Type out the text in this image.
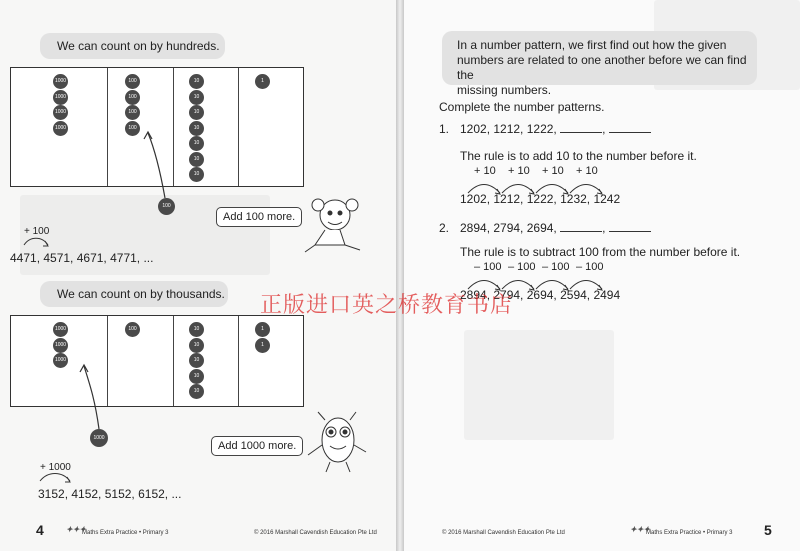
We can count on by hundreds.
1000
1000
1000
1000
100
100
100
100
10
10
10
10
10
10
10
1
100
Add 100 more.
+ 100
4471, 4571, 4671, 4771, ...
We can count on by thousands.
1000
1000
1000
100	10
10
10
10
10
1
1
1000
Add 1000 more.
+ 1000
3152, 4152, 5152, 6152, ...
4	✦✦✦
Maths Extra Practice • Primary 3	© 2016 Marshall Cavendish Education Pte Ltd
In a number pattern, we first find out how the given
numbers are related to one another before we can find the
missing numbers.
Complete the number patterns.
1. 1202, 1212, 1222,	,
The rule is to add 10 to the number before it.
+ 10 + 10 + 10 + 10
1202, 1212, 1222, 1232, 1242
2. 2894, 2794, 2694,	,
The rule is to subtract 100 from the number before it.
– 100 – 100 – 100 – 100
2894, 2794, 2694, 2594, 2494
© 2016 Marshall Cavendish Education Pte Ltd	✦✦✦
Maths Extra Practice • Primary 3 5
正版进口英之桥教育书店
